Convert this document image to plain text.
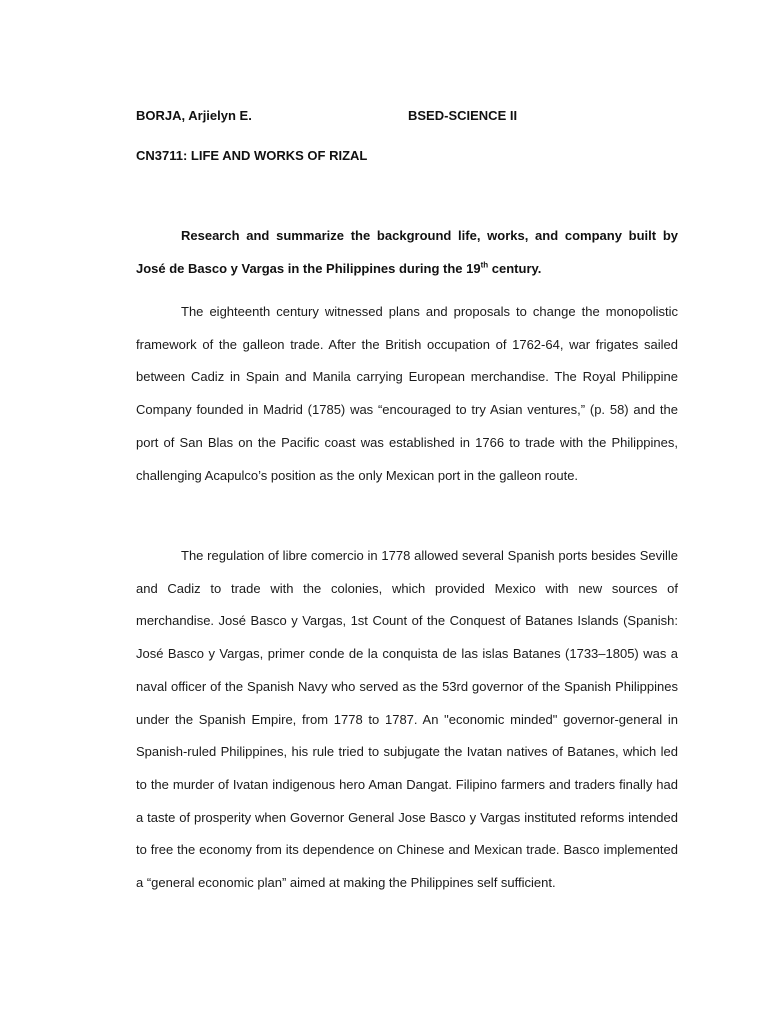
BORJA, Arjielyn E.	BSED-SCIENCE II
CN3711: LIFE AND WORKS OF RIZAL
Research and summarize the background life, works, and company built by José de Basco y Vargas in the Philippines during the 19th century.

The eighteenth century witnessed plans and proposals to change the monopolistic framework of the galleon trade. After the British occupation of 1762-64, war frigates sailed between Cadiz in Spain and Manila carrying European merchandise. The Royal Philippine Company founded in Madrid (1785) was “encouraged to try Asian ventures,” (p. 58) and the port of San Blas on the Pacific coast was established in 1766 to trade with the Philippines, challenging Acapulco’s position as the only Mexican port in the galleon route.

The regulation of libre comercio in 1778 allowed several Spanish ports besides Seville and Cadiz to trade with the colonies, which provided Mexico with new sources of merchandise. José Basco y Vargas, 1st Count of the Conquest of Batanes Islands (Spanish: José Basco y Vargas, primer conde de la conquista de las islas Batanes (1733–1805) was a naval officer of the Spanish Navy who served as the 53rd governor of the Spanish Philippines under the Spanish Empire, from 1778 to 1787. An "economic minded" governor-general in Spanish-ruled Philippines, his rule tried to subjugate the Ivatan natives of Batanes, which led to the murder of Ivatan indigenous hero Aman Dangat. Filipino farmers and traders finally had a taste of prosperity when Governor General Jose Basco y Vargas instituted reforms intended to free the economy from its dependence on Chinese and Mexican trade. Basco implemented a “general economic plan” aimed at making the Philippines self sufficient.
